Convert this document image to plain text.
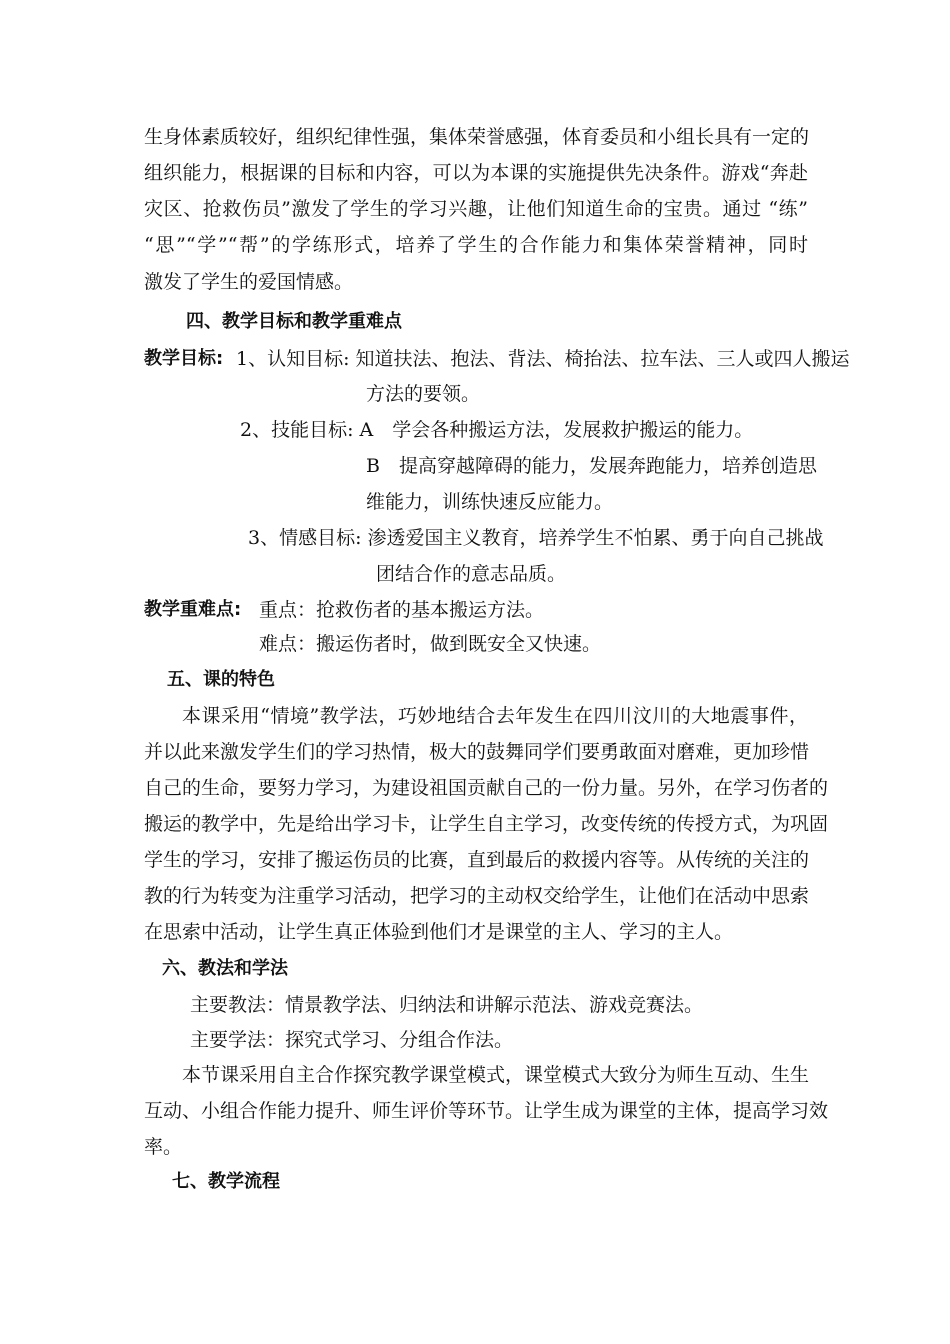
生身体素质较好，组织纪律性强，集体荣誉感强，体育委员和小组长具有一定的
组织能力，根据课的目标和内容，可以为本课的实施提供先决条件。游戏“奔赴
灾区、抢救伤员”激发了学生的学习兴趣，让他们知道生命的宝贵。通过 “练”
“思”“学”“帮”的学练形式，培养了学生的合作能力和集体荣誉精神，同时
激发了学生的爱国情感。
四、教学目标和教学重难点
教学目标: 1、认知目标: 知道扶法、抱法、背法、椅抬法、拉车法、三人或四人搬运
方法的要领。
2、技能目标: A　学会各种搬运方法，发展救护搬运的能力。
B　提高穿越障碍的能力，发展奔跑能力，培养创造思
维能力，训练快速反应能力。
3、情感目标: 渗透爱国主义教育，培养学生不怕累、勇于向自己挑战
团结合作的意志品质。
教学重难点: 重点：抢救伤者的基本搬运方法。
难点：搬运伤者时，做到既安全又快速。
五、课的特色
本课采用“情境”教学法，巧妙地结合去年发生在四川汶川的大地震事件，
并以此来激发学生们的学习热情，极大的鼓舞同学们要勇敢面对磨难，更加珍惜
自己的生命，要努力学习，为建设祖国贡献自己的一份力量。另外，在学习伤者的
搬运的教学中，先是给出学习卡，让学生自主学习，改变传统的传授方式，为巩固
学生的学习，安排了搬运伤员的比赛，直到最后的救援内容等。从传统的关注的
教的行为转变为注重学习活动，把学习的主动权交给学生，让他们在活动中思索
在思索中活动，让学生真正体验到他们才是课堂的主人、学习的主人。
六、教法和学法
主要教法：情景教学法、归纳法和讲解示范法、游戏竞赛法。
主要学法：探究式学习、分组合作法。
本节课采用自主合作探究教学课堂模式，课堂模式大致分为师生互动、生生
互动、小组合作能力提升、师生评价等环节。让学生成为课堂的主体，提高学习效
率。
七、教学流程
